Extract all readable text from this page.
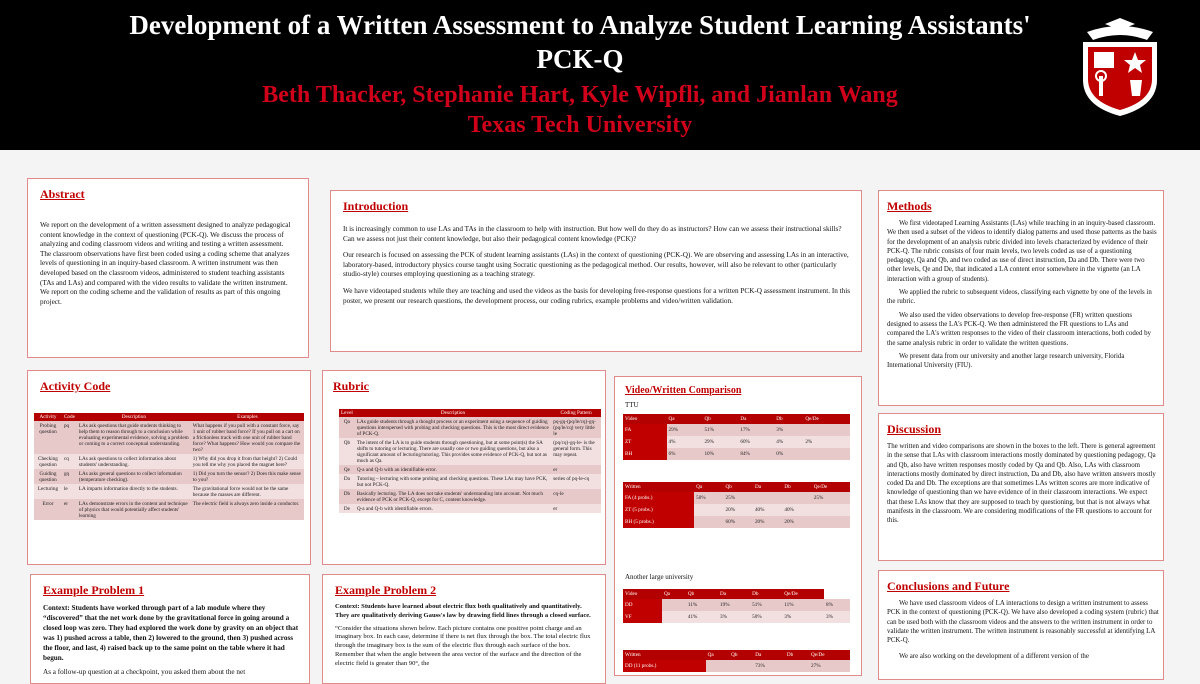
Development of a Written Assessment to Analyze Student Learning Assistants' PCK-Q
Beth Thacker, Stephanie Hart, Kyle Wipfli, and Jianlan Wang
Texas Tech University
Abstract
We report on the development of a written assessment designed to analyze pedagogical content knowledge in the context of questioning (PCK-Q). We discuss the process of analyzing and coding classroom videos and writing and testing a written assessment. The classroom observations have first been coded using a coding scheme that analyzes levels of questioning in an inquiry-based classroom. A written instrument was then developed based on the classroom videos, administered to student teaching assistants (TAs and LAs) and compared with the video results to validate the written instrument. We report on the coding scheme and the validation of results as part of this ongoing project.
Introduction

It is increasingly common to use LAs and TAs in the classroom to help with instruction. But how well do they do as instructors? How can we assess their instructional skills? Can we assess not just their content knowledge, but also their pedagogical content knowledge (PCK)?

Our research is focused on assessing the PCK of student learning assistants (LAs) in the context of questioning (PCK-Q). We are observing and assessing LAs in an interactive, laboratory-based, introductory physics course taught using Socratic questioning as the pedagogical method. Our results, however, will also be relevant to other (particularly studio-style) courses employing questioning as a teaching strategy.

We have videotaped students while they are teaching and used the videos as the basis for developing free-response questions for a written PCK-Q assessment instrument. In this poster, we present our research questions, the development process, our coding rubrics, example problems and video/written validation.

Methods

We first videotaped Learning Assistants (LAs) while teaching in an inquiry-based classroom. We then used a subset of the videos to identify dialog patterns and used those patterns as the basis for the development of an analysis rubric divided into levels characterized by evidence of their PCK-Q. The rubric consists of four main levels, two levels coded as use of a questioning pedagogy, Qa and Qb, and two coded as use of direct instruction, Da and Db. There were two other levels, Qe and De, that indicated a LA content error somewhere in the vignette (an LA interaction with a group of students).

We applied the rubric to subsequent videos, classifying each vignette by one of the levels in the rubric.

We also used the video observations to develop free-response (FR) written questions designed to assess the LA's PCK-Q. We then administered the FR questions to LAs and compared the LA's written responses to the video of their classroom interactions, both coded by the same analysis rubric in order to validate the written questions.

We present data from our university and another large research university, Florida International University (FIU).

Activity Code
Activity	Code	Description	Examples
Probing question	pq	LAs ask questions that guide students thinking to help them to reason through to a conclusion while evaluating experimental evidence, solving a problem or coming to a correct conceptual understanding.	What happens if you pull with a constant force, say 1 unit of rubber band force? If you pull on a cart on a frictionless track with one unit of rubber band force? What happens? How would you compare the two?
Checking question	cq	LAs ask questions to collect information about students' understanding.	1) Why did you drop it from that height? 2) Could you tell me why you placed the magnet here?
Guiding question	gq	LAs asks general questions to collect information (temperature checking).	1) Did you turn the sensor? 2) Does this make sense to you?
Lecturing	le	LA imparts information directly to the students.	The gravitational force would not be the same because the masses are different.
Error	er	LAs demonstrate errors in the content and technique of physics that would potentially affect students' learning	The electric field is always zero inside a conductor.
Rubric
Level	Description	Coding Pattern
Qa	LAs guide students through a thought process or an experiment using a sequence of guiding questions interspersed with probing and checking questions. This is the most direct evidence of PCK-Q.	pq-gq-(pq/le/cq)-gq-(pq/le/cq) very little le
Qb	The intent of the LA is to guide students through questioning, but at some point(s) the SA shifts to tutoring or lecturing. There are usually one or two guiding questions, but also a significant amount of lecturing/tutoring. This provides some evidence of PCK-Q, but not as much as Qa.	(pq/cq)-gq-le- is the general form. This may repeat.
Qe	Q-a and Q-b with an identifiable error.	er
Da	Tutoring – lecturing with some probing and checking questions. These LAs may have PCK, but not PCK-Q.	series of pq-le-cq
Db	Basically lecturing. The LA does not take students' understanding into account. Not much evidence of PCK or PCK-Q, except for C, content knowledge.	cq-le
De	Q-a and Q-b with identifiable errors.	er
Video/Written Comparison
TTU
Video	Qa	Qb	Da	Db	Qe/De
FA	29%	51%	17%	3%	
ZT	4%	29%	60%	4%	2%
BH	6%	10%	84%	0%	
Written	Qa	Qb	Da	Db	Qe/De
FA (4 probs.)	50%	25%			25%
ZT (5 probs.)		20%	40%	40%	
BH (5 probs.)		60%	20%	20%	
Another large university
Video	Qa	Qb	Da	Db	Qe/De	
DD		11%	19%	51%	11%	8%
VF		41%	3%	50%	3%	3%
Written	Qa	Qb	Da	Db	Qe/De
DD (11 probs.)			73%		27%
Discussion
The written and video comparisons are shown in the boxes to the left. There is general agreement in the sense that LAs with classroom interactions mostly dominated by questioning pedagogy, Qa and Qb, also have written responses mostly coded by Qa and Qb. Also, LAs with classroom interactions mostly dominated by direct instruction, Da and Db, also have written answers mostly coded Da and Db. The exceptions are that sometimes LAs written scores are more indicative of knowledge of questioning than we have evidence of in their classroom interactions. We expect that these LAs know that they are supposed to teach by questioning, but that is not always what manifests in the classroom. We are considering modifications of the FR questions to account for this.
Example Problem 1

Context: Students have worked through part of a lab module where they “discovered” that the net work done by the gravitational force in going around a closed loop was zero. They had explored the work done by gravity on an object that was 1) pushed across a table, then 2) lowered to the ground, then 3) pushed across the floor, and last, 4) raised back up to the same point on the table where it had begun.

As a follow-up question at a checkpoint, you asked them about the net

Example Problem 2

Context: Students have learned about electric flux both qualitatively and quantitatively. They are qualitatively deriving Gauss's law by drawing field lines through a closed surface.

“Consider the situations shown below. Each picture contains one positive point charge and an imaginary box. In each case, determine if there is net flux through the box. The total electric flux through the imaginary box is the sum of the electric flux through each surface of the box. Remember that when the angle between the area vector of the surface and the direction of the electric field is greater than 90°, the

Conclusions and Future

We have used classroom videos of LA interactions to design a written instrument to assess PCK in the context of questioning (PCK-Q). We have also developed a coding system (rubric) that can be used both with the classroom videos and the answers to the written instrument in order to validate the written instrument. The written instrument is reasonably successful at identifying LA PCK-Q.

We are also working on the development of a different version of the
